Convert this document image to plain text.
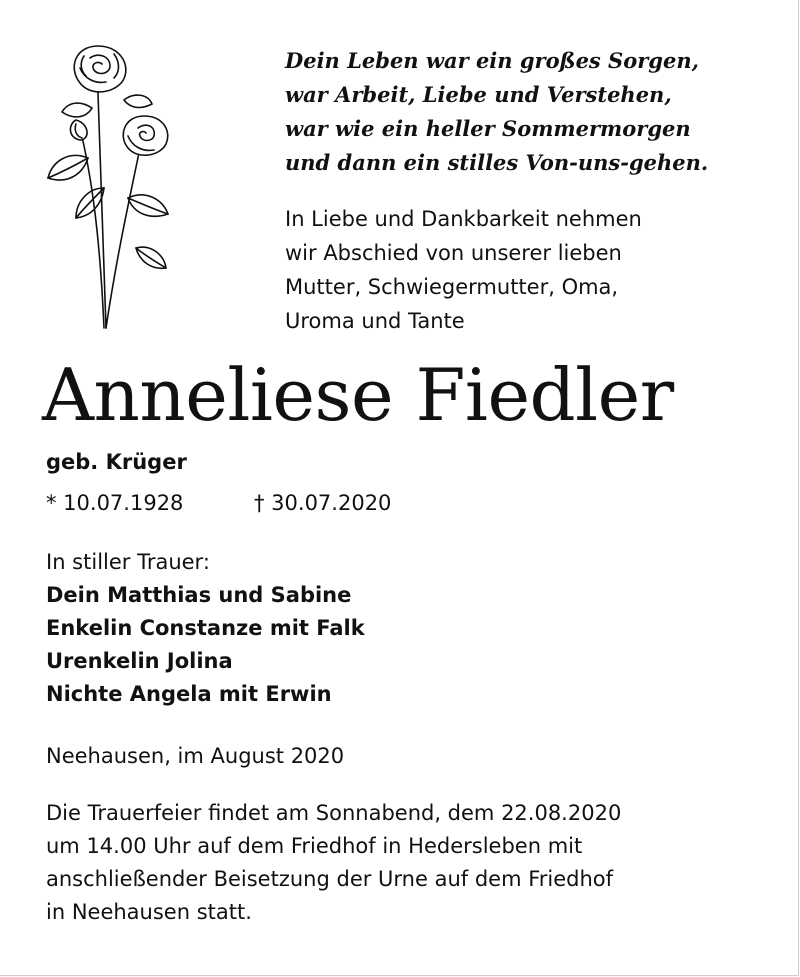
Dein Leben war ein großes Sorgen,
war Arbeit, Liebe und Verstehen,
war wie ein heller Sommermorgen
und dann ein stilles Von-uns-gehen.
In Liebe und Dankbarkeit nehmen
wir Abschied von unserer lieben
Mutter, Schwiegermutter, Oma,
Uroma und Tante
Anneliese Fiedler
geb. Krüger
* 10.07.1928	† 30.07.2020
In stiller Trauer:
Dein Matthias und Sabine
Enkelin Constanze mit Falk
Urenkelin Jolina
Nichte Angela mit Erwin
Neehausen, im August 2020
Die Trauerfeier findet am Sonnabend, dem 22.08.2020
um 14.00 Uhr auf dem Friedhof in Hedersleben mit
anschließender Beisetzung der Urne auf dem Friedhof
in Neehausen statt.
